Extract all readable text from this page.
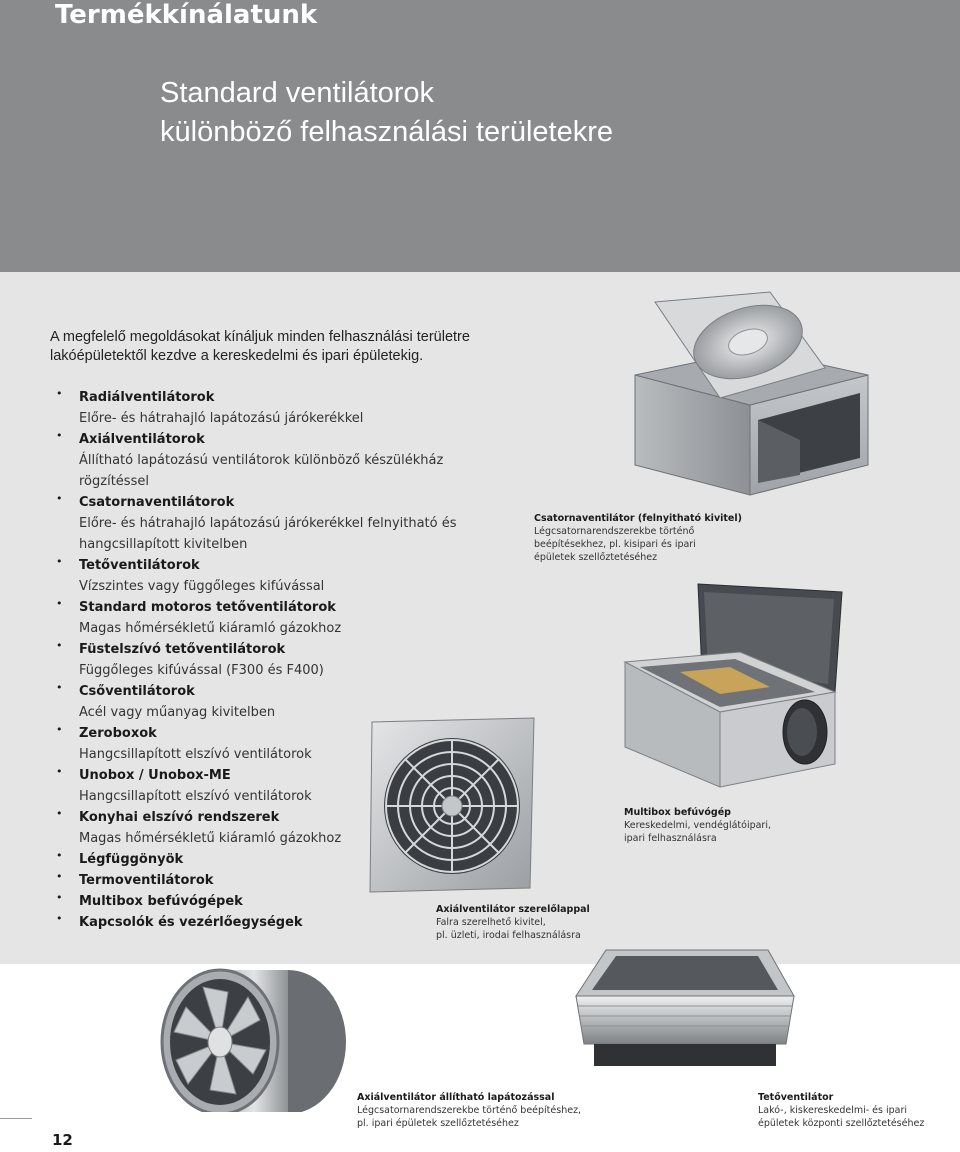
Termékkínálatunk
Standard ventilátorok
különböző felhasználási területekre
A megfelelő megoldásokat kínáljuk minden felhasználási területre
lakóépületektől kezdve a kereskedelmi és ipari épületekig.
• Radiálventilátorok
Előre- és hátrahajló lapátozású járókerékkel
• Axiálventilátorok
Állítható lapátozású ventilátorok különböző készülékház
rögzítéssel
• Csatornaventilátorok
Előre- és hátrahajló lapátozású járókerékkel felnyitható és
hangcsillapított kivitelben
• Tetőventilátorok
Vízszintes vagy függőleges kifúvással
• Standard motoros tetőventilátorok
Magas hőmérsékletű kiáramló gázokhoz
• Füstelszívó tetőventilátorok
Függőleges kifúvással (F300 és F400)
• Csőventilátorok
Acél vagy műanyag kivitelben
• Zeroboxok
Hangcsillapított elszívó ventilátorok
• Unobox / Unobox-ME
Hangcsillapított elszívó ventilátorok
• Konyhai elszívó rendszerek
Magas hőmérsékletű kiáramló gázokhoz
• Légfüggönyök
• Termoventilátorok
• Multibox befúvógépek
• Kapcsolók és vezérlőegységek
Csatornaventilátor (felnyitható kivitel)
Légcsatornarendszerekbe történő
beépítésekhez, pl. kisipari és ipari
épületek szellőztetéséhez
Multibox befúvógép
Kereskedelmi, vendéglátóipari,
ipari felhasználásra
Axiálventilátor szerelőlappal
Falra szerelhető kivitel,
pl. üzleti, irodai felhasználásra
Axiálventilátor állítható lapátozással
Légcsatornarendszerekbe történő beépítéshez,
pl. ipari épületek szellőztetéséhez
Tetőventilátor
Lakó-, kiskereskedelmi- és ipari
épületek központi szellőztetéséhez
12
